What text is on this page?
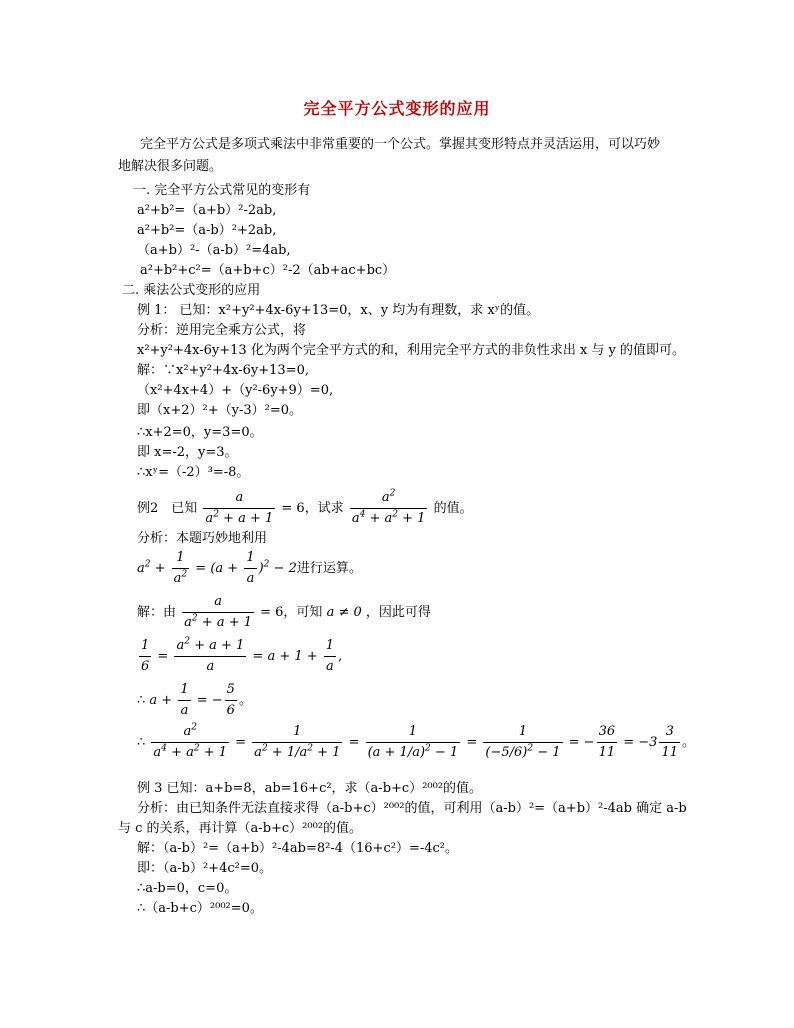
完全平方公式变形的应用
完全平方公式是多项式乘法中非常重要的一个公式。掌握其变形特点并灵活运用，可以巧妙
地解决很多问题。
一. 完全平方公式常见的变形有
a²+b²=（a+b）²-2ab,
a²+b²=（a-b）²+2ab,
（a+b）²-（a-b）²=4ab,
a²+b²+c²=（a+b+c）²-2（ab+ac+bc）
二. 乘法公式变形的应用
例 1： 已知：x²+y²+4x-6y+13=0，x、y 均为有理数，求 xʸ的值。
分析：逆用完全乘方公式，将
x²+y²+4x-6y+13 化为两个完全平方式的和，利用完全平方式的非负性求出 x 与 y 的值即可。
解：∵x²+y²+4x-6y+13=0,
（x²+4x+4）+（y²-6y+9）=0,
即（x+2）²+（y-3）²=0。
∴x+2=0，y=3=0。
即 x=-2，y=3。
∴xʸ=（-2）³=-8。
例2　已知 $\frac{a}{a^2 + a + 1} = 6$，试求 $\frac{a^2}{a^4 + a^2 + 1}$ 的值。
分析：本题巧妙地利用
$a^2 + \frac{1}{a^2} = (a + \frac{1}{a} )^2 - 2$进行运算。
解：由 $\frac{a}{a^2 + a + 1} = 6$，可知 a ≠ 0 ，因此可得
$\frac{1}{6} = \frac{a^2 + a + 1}{a} = a + 1 + \frac{1}{a}$ ,
∴ $a + \frac{1}{a}$ = − $\frac{5}{6}$ 。
∴ $\frac{a^2}{a^4 + a^2 + 1} = \frac{1}{a^2 + 1/a^2 + 1} = \frac{1}{(a + 1/a)^2 - 1} = \frac{1}{(-5/6)^2 - 1}$ = − $\frac{36}{11} = -3 \frac{3}{11}$ 。
例 3 已知：a+b=8，ab=16+c²，求（a-b+c）²⁰⁰²的值。
分析：由已知条件无法直接求得（a-b+c）²⁰⁰²的值，可利用（a-b）²=（a+b）²-4ab 确定 a-b
与 c 的关系，再计算（a-b+c）²⁰⁰²的值。
解：（a-b）²=（a+b）²-4ab=8²-4（16+c²）=-4c²。
即：（a-b）²+4c²=0。
∴a-b=0，c=0。
∴（a-b+c）²⁰⁰²=0。
